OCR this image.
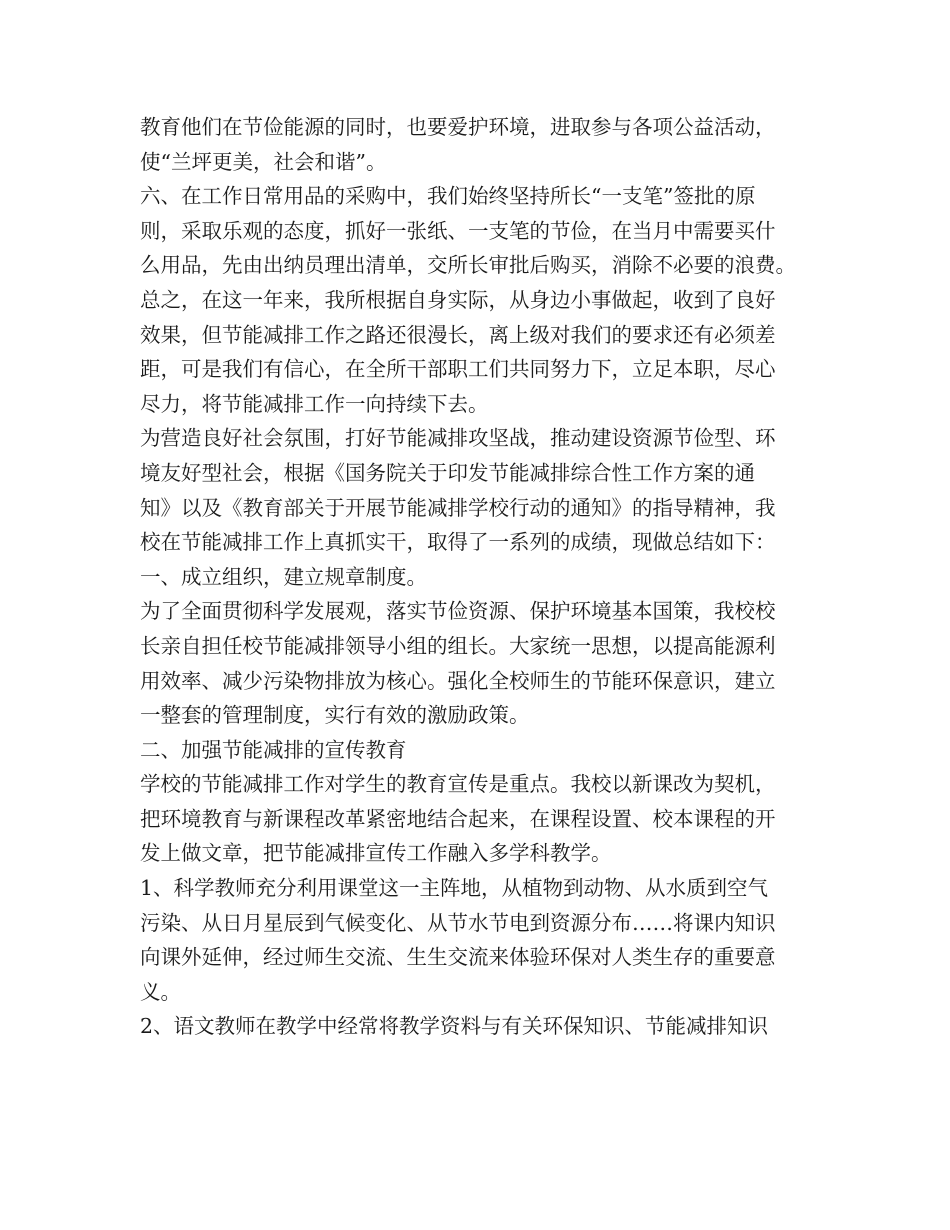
教育他们在节俭能源的同时，也要爱护环境，进取参与各项公益活动，
使“兰坪更美，社会和谐”。
六、在工作日常用品的采购中，我们始终坚持所长“一支笔”签批的原
则，采取乐观的态度，抓好一张纸、一支笔的节俭，在当月中需要买什
么用品，先由出纳员理出清单，交所长审批后购买，消除不必要的浪费。
总之，在这一年来，我所根据自身实际，从身边小事做起，收到了良好
效果，但节能减排工作之路还很漫长，离上级对我们的要求还有必须差
距，可是我们有信心，在全所干部职工们共同努力下，立足本职，尽心
尽力，将节能减排工作一向持续下去。
为营造良好社会氛围，打好节能减排攻坚战，推动建设资源节俭型、环
境友好型社会，根据《国务院关于印发节能减排综合性工作方案的通
知》以及《教育部关于开展节能减排学校行动的通知》的指导精神，我
校在节能减排工作上真抓实干，取得了一系列的成绩，现做总结如下：
一、成立组织，建立规章制度。
为了全面贯彻科学发展观，落实节俭资源、保护环境基本国策，我校校
长亲自担任校节能减排领导小组的组长。大家统一思想，以提高能源利
用效率、减少污染物排放为核心。强化全校师生的节能环保意识，建立
一整套的管理制度，实行有效的激励政策。
二、加强节能减排的宣传教育
学校的节能减排工作对学生的教育宣传是重点。我校以新课改为契机，
把环境教育与新课程改革紧密地结合起来，在课程设置、校本课程的开
发上做文章，把节能减排宣传工作融入多学科教学。
1、科学教师充分利用课堂这一主阵地，从植物到动物、从水质到空气
污染、从日月星辰到气候变化、从节水节电到资源分布……将课内知识
向课外延伸，经过师生交流、生生交流来体验环保对人类生存的重要意
义。
2、语文教师在教学中经常将教学资料与有关环保知识、节能减排知识
